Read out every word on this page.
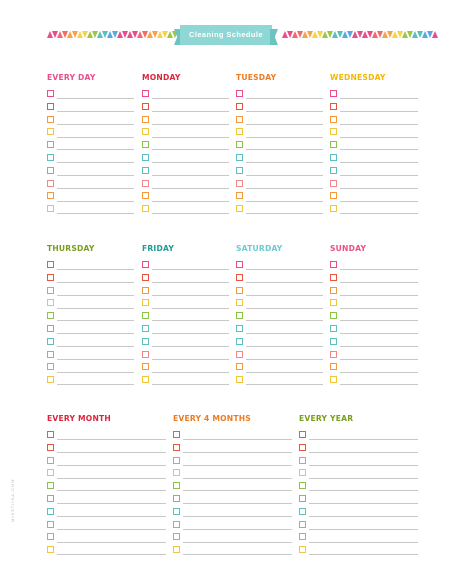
Cleaning Schedule
EVERY DAY	MONDAY	TUESDAY	WEDNESDAY
THURSDAY	FRIDAY	SATURDAY	SUNDAY
EVERY MONTH	EVERY 4 MONTHS	EVERY YEAR
MISSTIINA.COM
